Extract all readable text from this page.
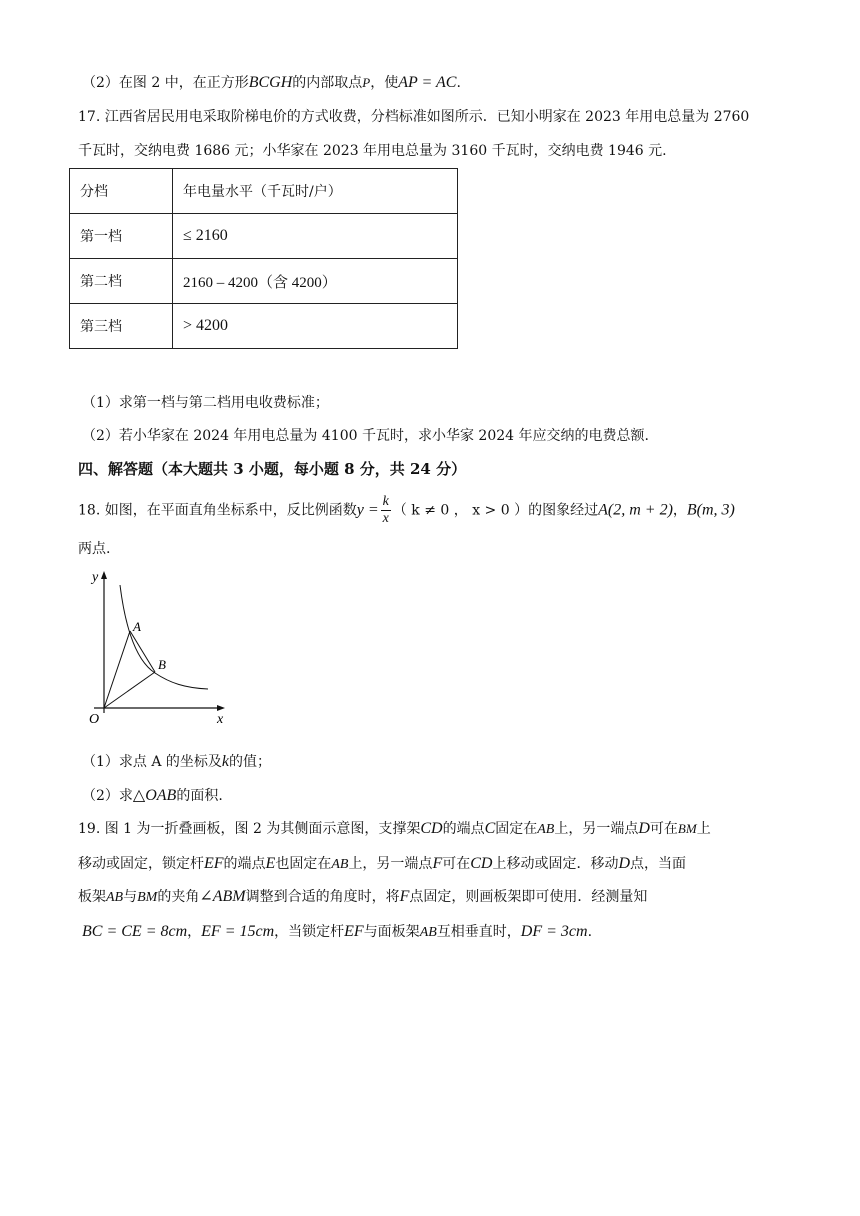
（2）在图 2 中，在正方形BCGH的内部取点P，使AP = AC.
17. 江西省居民用电采取阶梯电价的方式收费，分档标准如图所示．已知小明家在 2023 年用电总量为 2760
千瓦时，交纳电费 1686 元；小华家在 2023 年用电总量为 3160 千瓦时，交纳电费 1946 元.
分档	年电量水平（千瓦时/户）
第一档	≤ 2160
第二档	2160 – 4200（含 4200）
第三档	> 4200
（1）求第一档与第二档用电收费标准；
（2）若小华家在 2024 年用电总量为 4100 千瓦时，求小华家 2024 年应交纳的电费总额.
四、解答题（本大题共 3 小题，每小题 8 分，共 24 分）
18. 如图，在平面直角坐标系中，反比例函数$y = \frac{k}{x}$ （ k ≠ 0 ， x > 0 ）的图象经过A(2, m + 2)，B(m, 3)
两点.
y
x
O
A
B
（1）求点 A 的坐标及k的值；
（2）求△OAB的面积.
19. 图 1 为一折叠画板，图 2 为其侧面示意图，支撑架CD的端点C固定在AB上，另一端点D可在BM上
移动或固定，锁定杆EF的端点E也固定在AB上，另一端点F可在CD上移动或固定．移动D点，当面
板架AB与BM的夹角∠ABM调整到合适的角度时，将F点固定，则画板架即可使用．经测量知
BC = CE = 8cm，EF = 15cm，当锁定杆EF与面板架AB互相垂直时，DF = 3cm.
